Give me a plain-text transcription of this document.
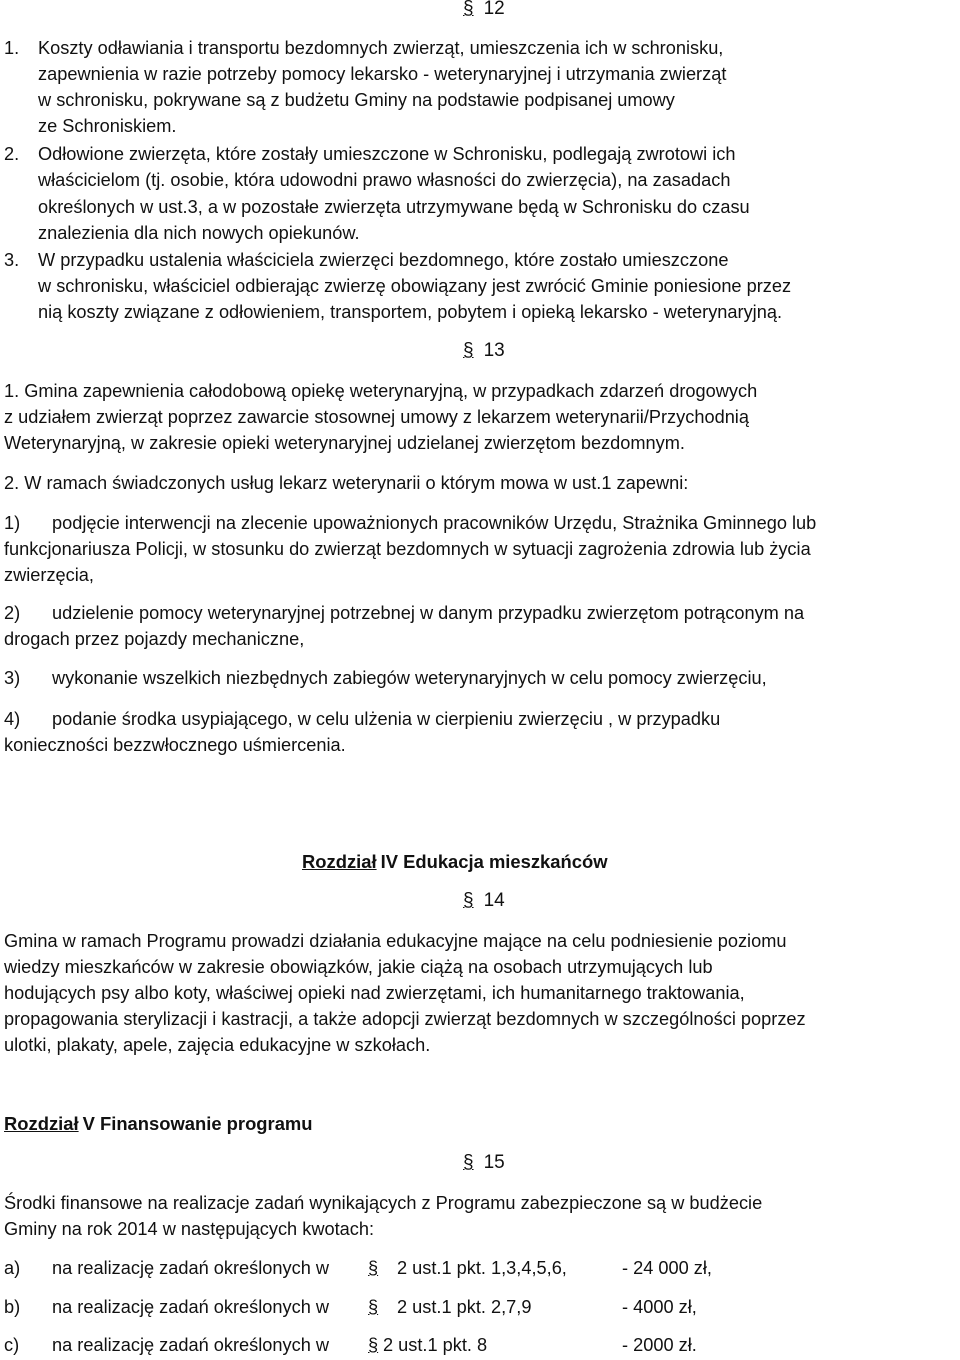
§ 12
1. Koszty odławiania i transportu bezdomnych zwierząt, umieszczenia ich w schronisku,
zapewnienia w razie potrzeby pomocy lekarsko - weterynaryjnej i utrzymania zwierząt
w schronisku, pokrywane są z budżetu Gminy na podstawie podpisanej umowy
ze Schroniskiem.
2. Odłowione zwierzęta, które zostały umieszczone w Schronisku, podlegają zwrotowi ich
właścicielom (tj. osobie, która udowodni prawo własności do zwierzęcia), na zasadach
określonych w ust.3, a w pozostałe zwierzęta utrzymywane będą w Schronisku do czasu
znalezienia dla nich nowych opiekunów.
3. W przypadku ustalenia właściciela zwierzęci bezdomnego, które zostało umieszczone
w schronisku, właściciel odbierając zwierzę obowiązany jest zwrócić Gminie poniesione przez
nią koszty związane z odłowieniem, transportem, pobytem i opieką lekarsko - weterynaryjną.
§ 13
1. Gmina zapewnienia całodobową opiekę weterynaryjną, w przypadkach zdarzeń drogowych
z udziałem zwierząt poprzez zawarcie stosownej umowy z lekarzem weterynarii/Przychodnią
Weterynaryjną, w zakresie opieki weterynaryjnej udzielanej zwierzętom bezdomnym.
2. W ramach świadczonych usług lekarz weterynarii o którym mowa w ust.1 zapewni:
1) podjęcie interwencji na zlecenie upoważnionych pracowników Urzędu, Strażnika Gminnego lub
funkcjonariusza Policji, w stosunku do zwierząt bezdomnych w sytuacji zagrożenia zdrowia lub życia
zwierzęcia,
2) udzielenie pomocy weterynaryjnej potrzebnej w danym przypadku zwierzętom potrąconym na
drogach przez pojazdy mechaniczne,
3) wykonanie wszelkich niezbędnych zabiegów weterynaryjnych w celu pomocy zwierzęciu,
4) podanie środka usypiającego, w celu ulżenia w cierpieniu zwierzęciu , w przypadku
konieczności bezzwłocznego uśmiercenia.
Rozdział IV Edukacja mieszkańców
§ 14
Gmina w ramach Programu prowadzi działania edukacyjne mające na celu podniesienie poziomu
wiedzy mieszkańców w zakresie obowiązków, jakie ciążą na osobach utrzymujących lub
hodujących psy albo koty, właściwej opieki nad zwierzętami, ich humanitarnego traktowania,
propagowania sterylizacji i kastracji, a także adopcji zwierząt bezdomnych w szczególności poprzez
ulotki, plakaty, apele, zajęcia edukacyjne w szkołach.
Rozdział V Finansowanie programu
§ 15
Środki finansowe na realizacje zadań wynikających z Programu zabezpieczone są w budżecie
Gminy na rok 2014 w następujących kwotach:
a) na realizację zadań określonych w § 2 ust.1 pkt. 1,3,4,5,6,	- 24 000 zł,
b) na realizację zadań określonych w § 2 ust.1 pkt. 2,7,9	- 4000 zł,
c) na realizację zadań określonych w § 2 ust.1 pkt. 8	- 2000 zł.
